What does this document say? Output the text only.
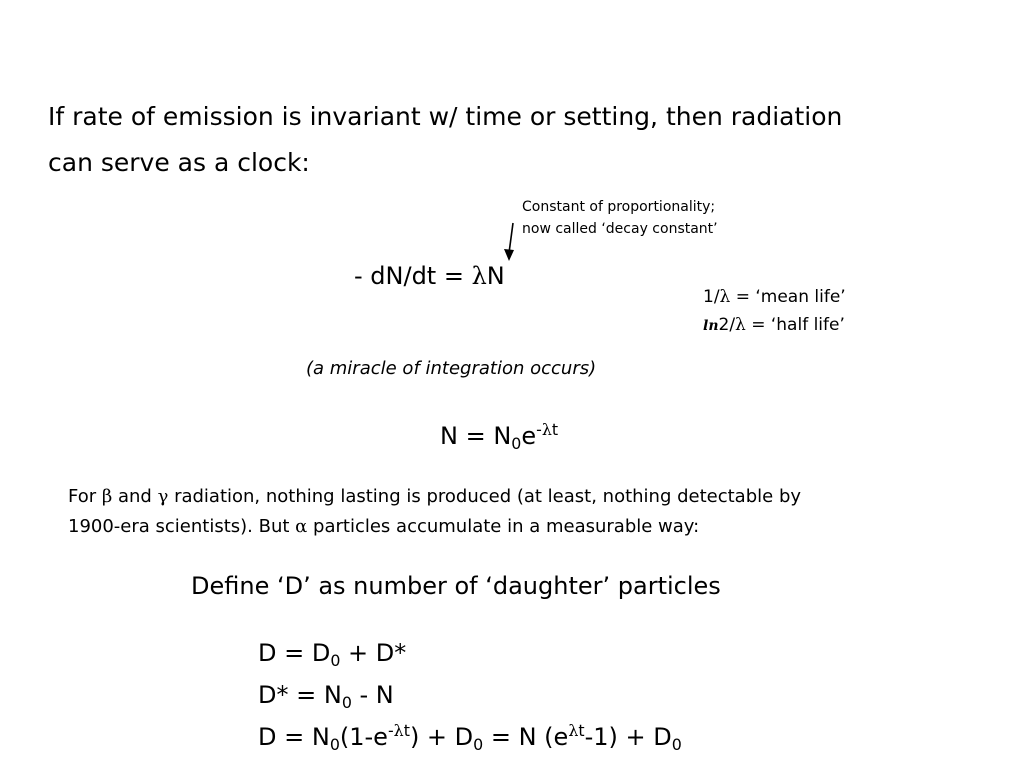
If rate of emission is invariant w/ time or setting, then radiation
can serve as a clock:
Constant of proportionality;
now called ‘decay constant’
- dN/dt = λN
1/λ = ‘mean life’
ln2/λ = ‘half life’
(a miracle of integration occurs)
$N = N_0e^{-\lambda t}$
For β and γ radiation, nothing lasting is produced (at least, nothing detectable by
1900-era scientists). But α particles accumulate in a measurable way:
Define ‘D’ as number of ‘daughter’ particles
$D = D_0 + D*$
$D* = N_0 - N$
$D = N_0(1-e^{-\lambda t}) + D_0 = N$ $(e^{\lambda t}-1) + D_0$
